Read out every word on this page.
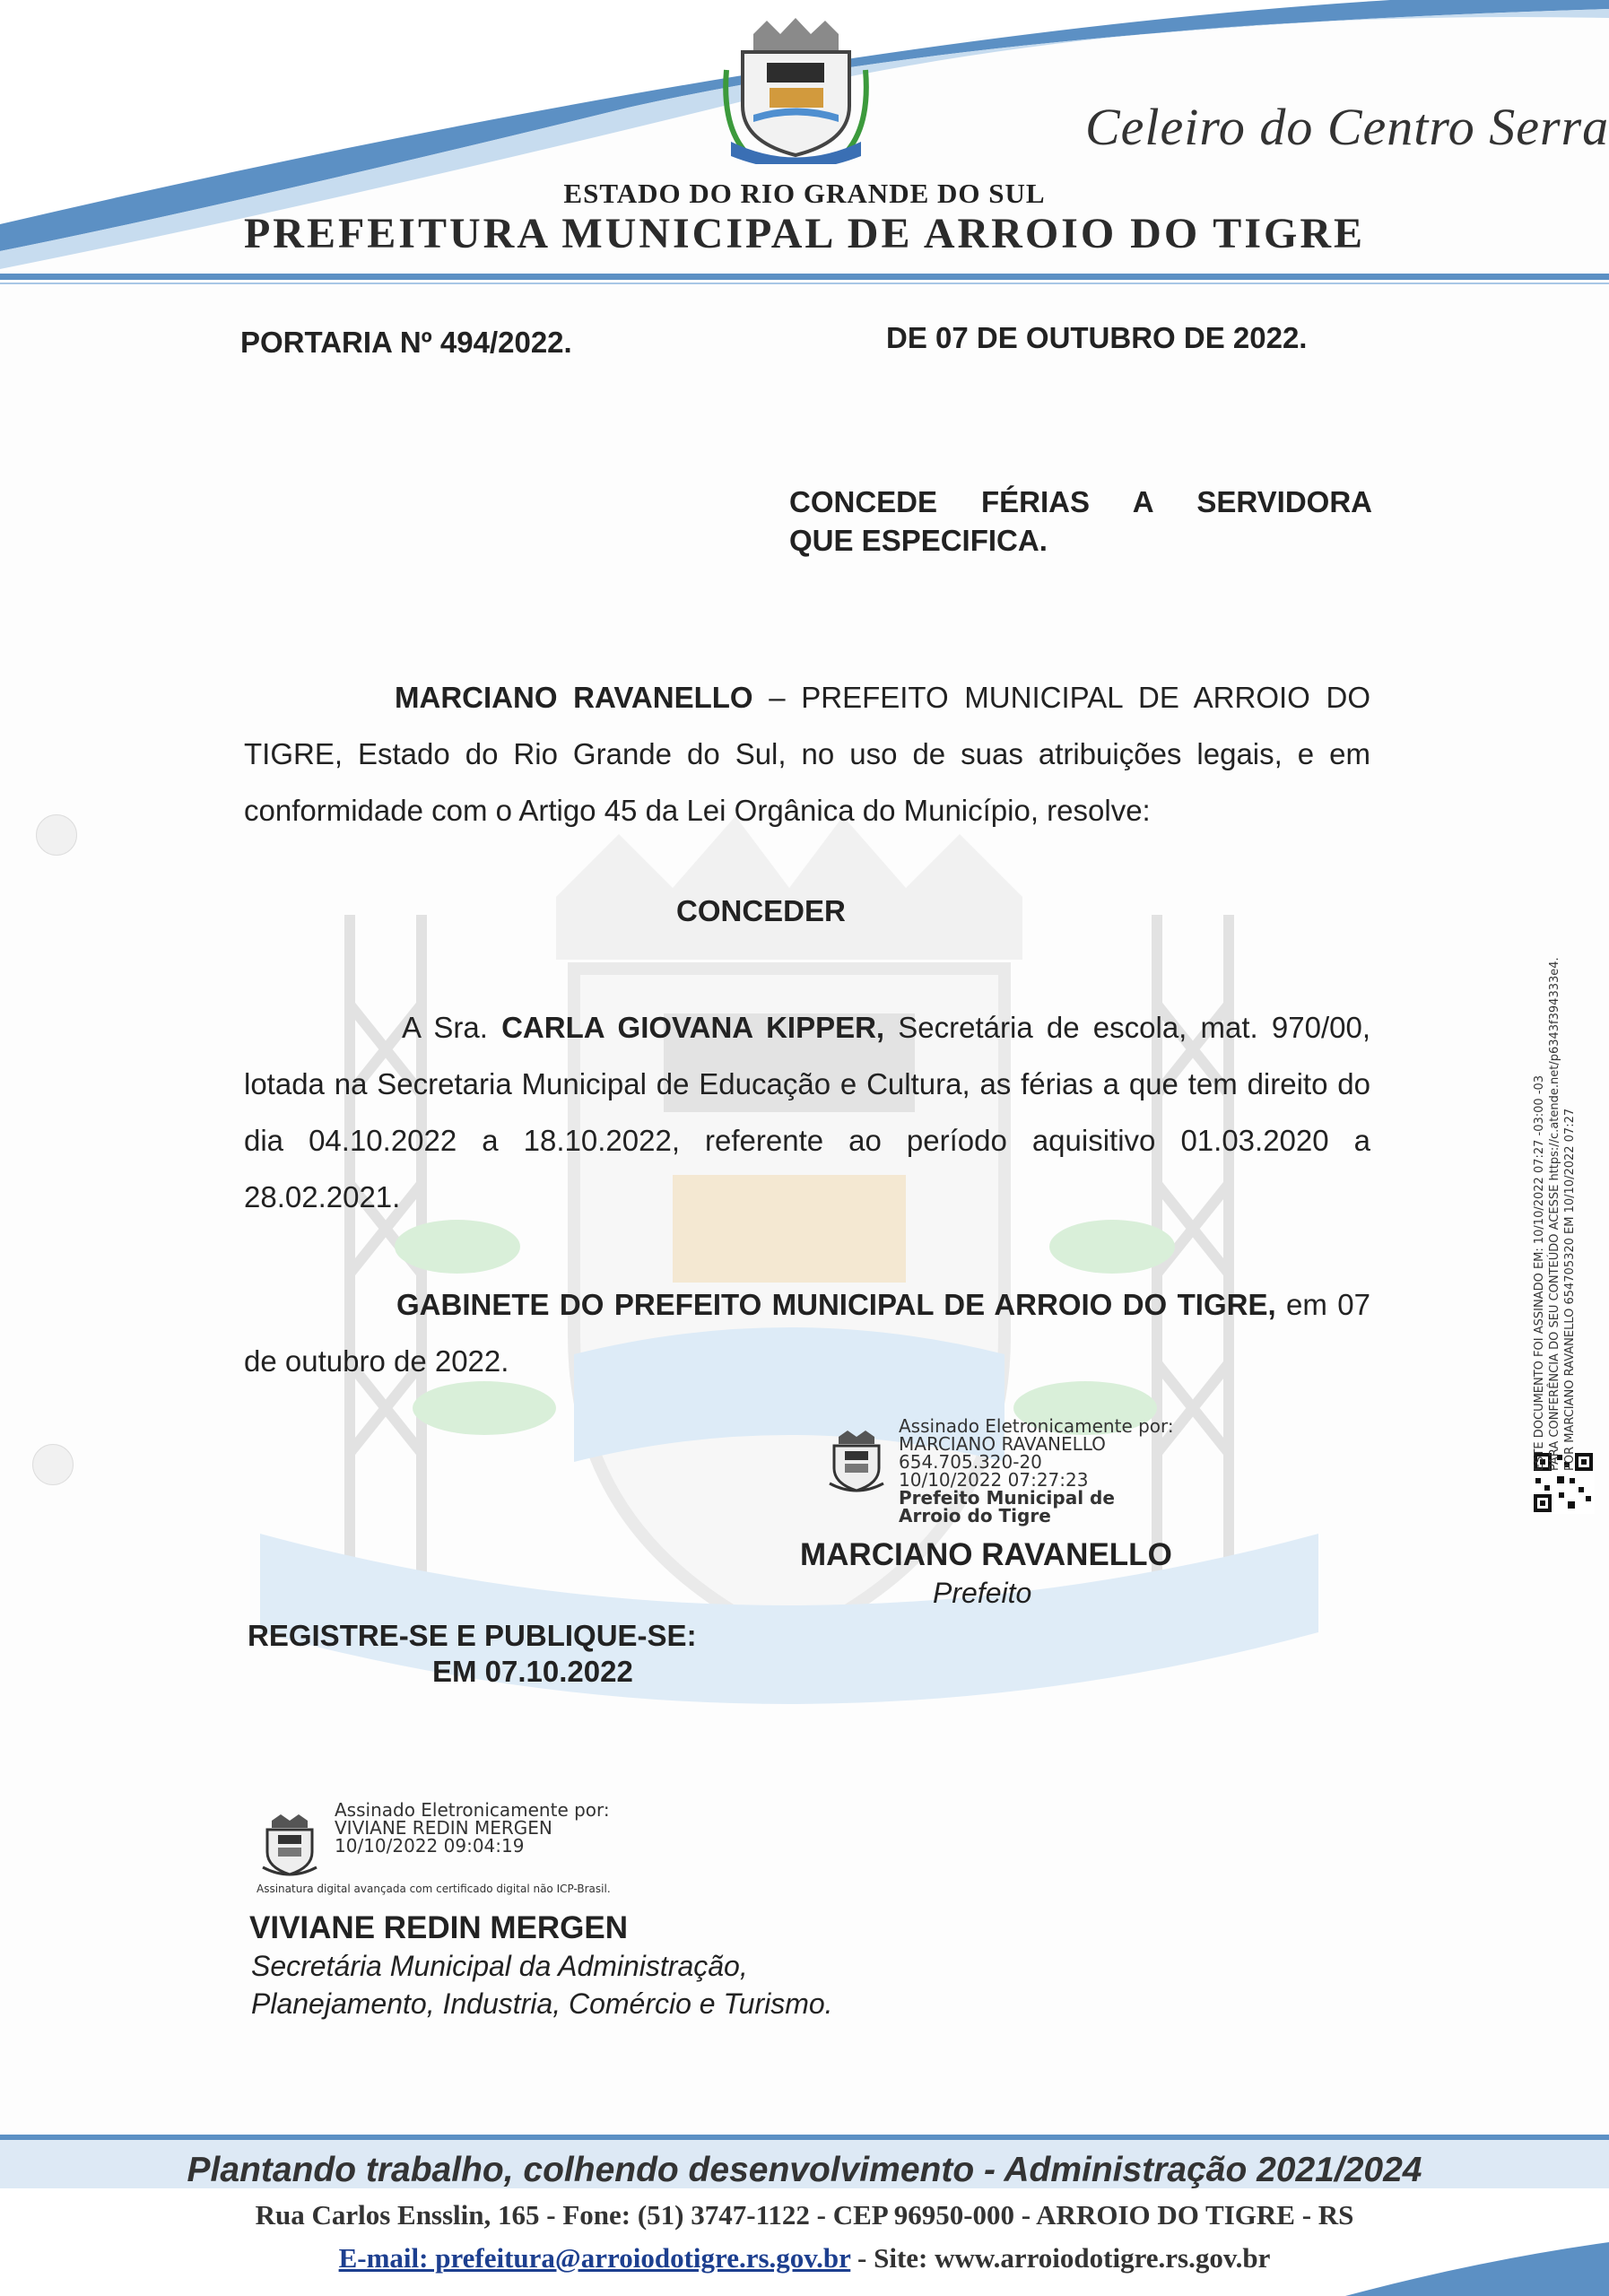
Celeiro do Centro Serra
ESTADO DO RIO GRANDE DO SUL
PREFEITURA MUNICIPAL DE ARROIO DO TIGRE
PORTARIA Nº 494/2022.	DE 07 DE OUTUBRO DE 2022.
CONCEDE FÉRIAS A SERVIDORA
QUE ESPECIFICA.
MARCIANO RAVANELLO – PREFEITO MUNICIPAL DE ARROIO DO TIGRE, Estado do Rio Grande do Sul, no uso de suas atribuições legais, e em conformidade com o Artigo 45 da Lei Orgânica do Município, resolve:
CONCEDER
A Sra. CARLA GIOVANA KIPPER, Secretária de escola, mat. 970/00, lotada na Secretaria Municipal de Educação e Cultura, as férias a que tem direito do dia 04.10.2022 a 18.10.2022, referente ao período aquisitivo 01.03.2020 a 28.02.2021.
GABINETE DO PREFEITO MUNICIPAL DE ARROIO DO TIGRE, em 07 de outubro de 2022.
Assinado Eletronicamente por:
MARCIANO RAVANELLO
654.705.320-20
10/10/2022 07:27:23
Prefeito Municipal de
Arroio do Tigre
MARCIANO RAVANELLO
Prefeito
REGISTRE-SE E PUBLIQUE-SE:
EM 07.10.2022
Assinado Eletronicamente por:
VIVIANE REDIN MERGEN
10/10/2022 09:04:19
Assinatura digital avançada com certificado digital não ICP-Brasil.
VIVIANE REDIN MERGEN
Secretária Municipal da Administração,
Planejamento, Industria, Comércio e Turismo.
ESTE DOCUMENTO FOI ASSINADO EM: 10/10/2022 07:27 -03:00 -03 PARA CONFERÊNCIA DO SEU CONTEÚDO ACESSE https://c.atende.net/p6343f394333e4. POR MARCIANO RAVANELLO 654705320 EM 10/10/2022 07:27
Plantando trabalho, colhendo desenvolvimento - Administração 2021/2024
Rua Carlos Ensslin, 165 - Fone: (51) 3747-1122 - CEP 96950-000 - ARROIO DO TIGRE - RS
E-mail: prefeitura@arroiodotigre.rs.gov.br - Site: www.arroiodotigre.rs.gov.br
